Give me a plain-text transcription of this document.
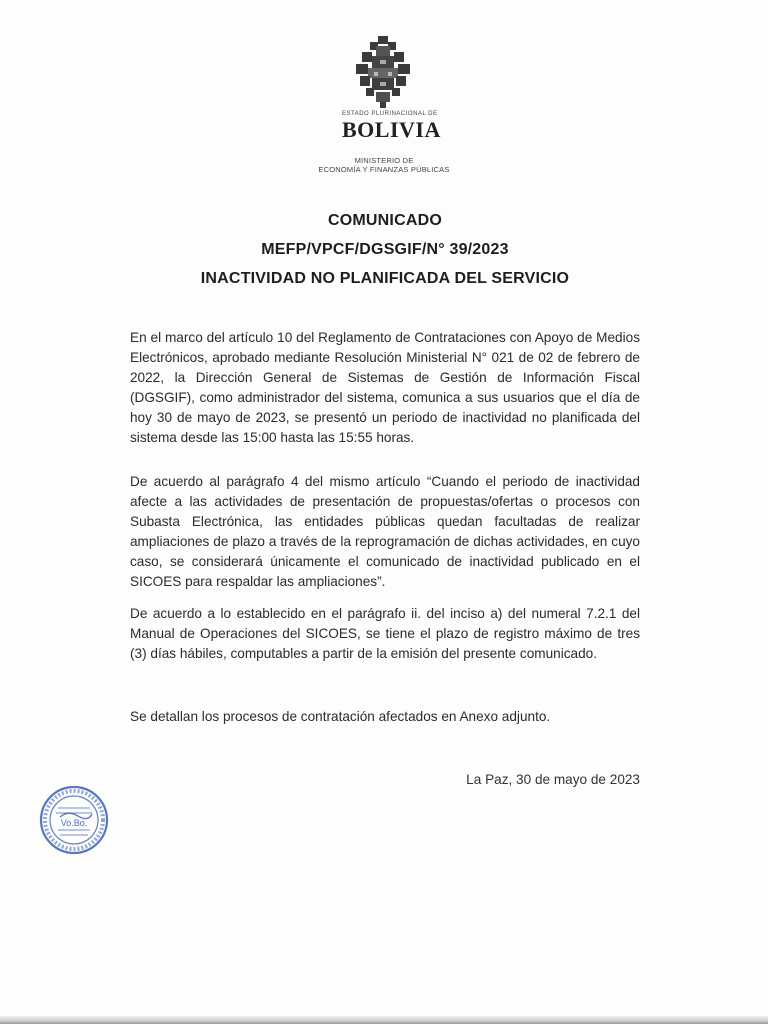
ESTADO PLURINACIONAL DE
BOLIVIA
MINISTERIO DE
ECONOMÍA Y FINANZAS PÚBLICAS
COMUNICADO
MEFP/VPCF/DGSGIF/N° 39/2023
INACTIVIDAD NO PLANIFICADA DEL SERVICIO
En el marco del artículo 10 del Reglamento de Contrataciones con Apoyo de Medios Electrónicos, aprobado mediante Resolución Ministerial N° 021 de 02 de febrero de 2022, la Dirección General de Sistemas de Gestión de Información Fiscal (DGSGIF), como administrador del sistema, comunica a sus usuarios que el día de hoy 30 de mayo de 2023, se presentó un periodo de inactividad no planificada del sistema desde las 15:00 hasta las 15:55 horas.
De acuerdo al parágrafo 4 del mismo artículo “Cuando el periodo de inactividad afecte a las actividades de presentación de propuestas/ofertas o procesos con Subasta Electrónica, las entidades públicas quedan facultadas de realizar ampliaciones de plazo a través de la reprogramación de dichas actividades, en cuyo caso, se considerará únicamente el comunicado de inactividad publicado en el SICOES para respaldar las ampliaciones”.
De acuerdo a lo establecido en el parágrafo ii. del inciso a) del numeral 7.2.1 del Manual de Operaciones del SICOES, se tiene el plazo de registro máximo de tres (3) días hábiles, computables a partir de la emisión del presente comunicado.
Se detallan los procesos de contratación afectados en Anexo adjunto.
La Paz, 30 de mayo de 2023
Vo.Bo.
